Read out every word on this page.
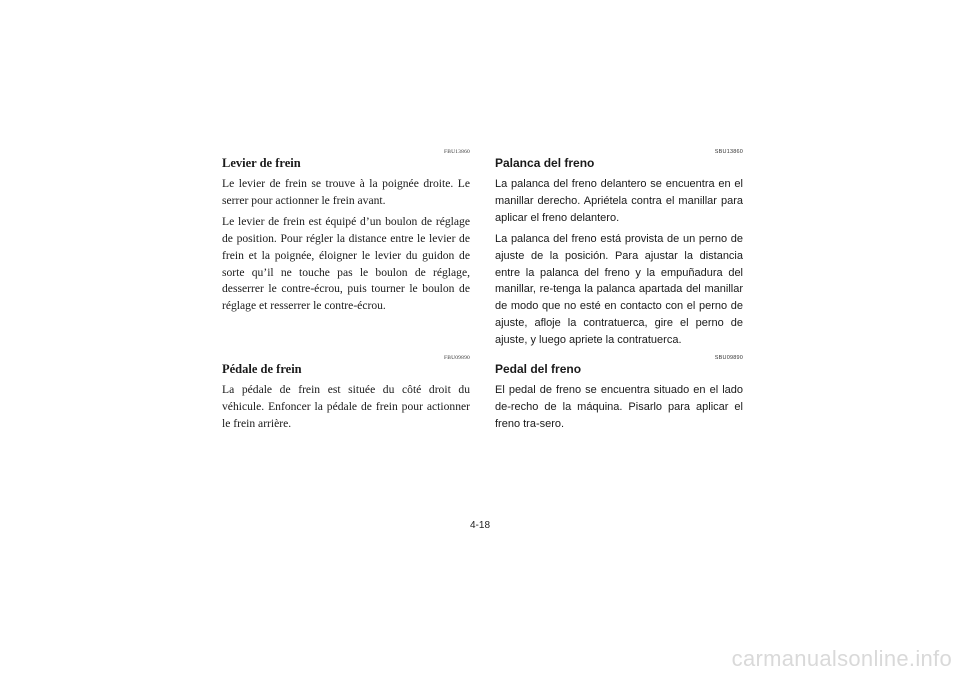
FBU13860
Levier de frein

Le levier de frein se trouve à la poignée droite. Le serrer pour actionner le frein avant.

Le levier de frein est équipé d’un boulon de réglage de position. Pour régler la distance entre le levier de frein et la poignée, éloigner le levier du guidon de sorte qu’il ne touche pas le boulon de réglage, desserrer le contre-écrou, puis tourner le boulon de réglage et resserrer le contre-écrou.

FBU09890
Pédale de frein

La pédale de frein est située du côté droit du véhicule. Enfoncer la pédale de frein pour actionner le frein arrière.

SBU13860
Palanca del freno

La palanca del freno delantero se encuentra en el manillar derecho. Apriétela contra el manillar para aplicar el freno delantero.

La palanca del freno está provista de un perno de ajuste de la posición. Para ajustar la distancia entre la palanca del freno y la empuñadura del manillar, re-tenga la palanca apartada del manillar de modo que no esté en contacto con el perno de ajuste, afloje la contratuerca, gire el perno de ajuste, y luego apriete la contratuerca.

SBU09890
Pedal del freno

El pedal de freno se encuentra situado en el lado de-recho de la máquina. Pisarlo para aplicar el freno tra-sero.

4-18
carmanualsonline.info
